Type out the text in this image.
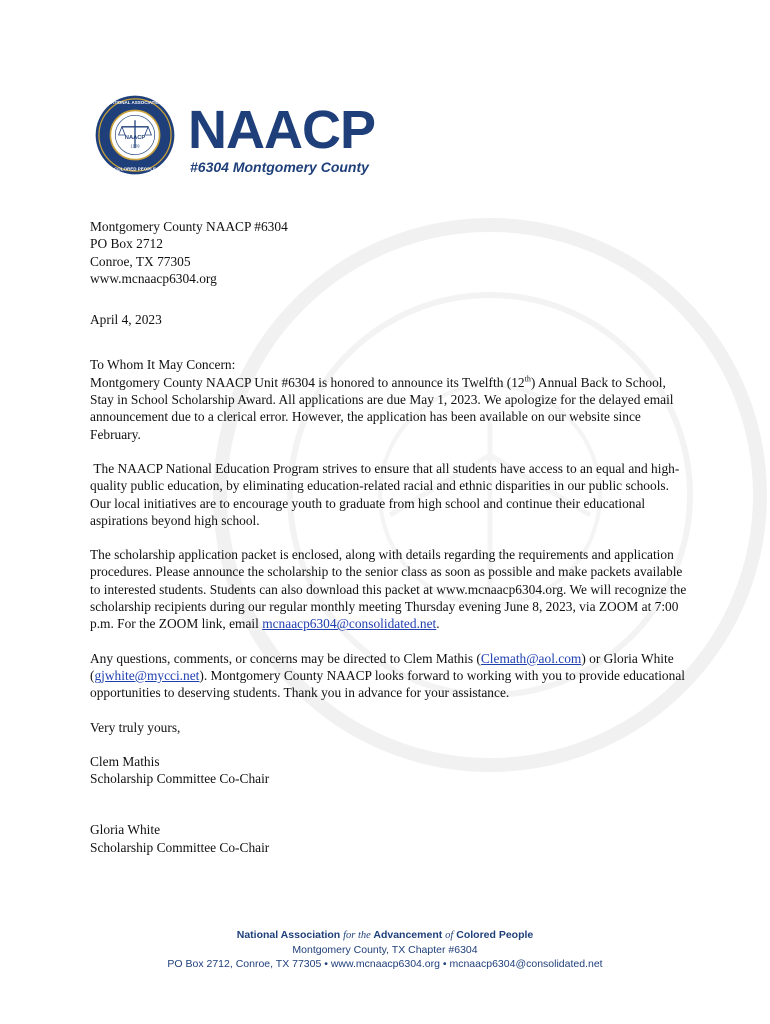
NAACP
1909
NATIONAL ASSOCIATION
COLORED PEOPLE
NAACP
#6304 Montgomery County

Montgomery County NAACP #6304

PO Box 2712

Conroe, TX 77305

www.mcnaacp6304.org

April 4, 2023

To Whom It May Concern:

Montgomery County NAACP Unit #6304 is honored to announce its Twelfth (12th) Annual Back to School, Stay in School Scholarship Award. All applications are due May 1, 2023. We apologize for the delayed email announcement due to a clerical error. However, the application has been available on our website since February.

The NAACP National Education Program strives to ensure that all students have access to an equal and high-quality public education, by eliminating education-related racial and ethnic disparities in our public schools.  Our local initiatives are to encourage youth to graduate from high school and continue their educational aspirations beyond high school.

The scholarship application packet is enclosed, along with details regarding the requirements and application procedures. Please announce the scholarship to the senior class as soon as possible and make packets available to interested students. Students can also download this packet at www.mcnaacp6304.org. We will recognize the scholarship recipients during our regular monthly meeting Thursday evening June 8, 2023, via ZOOM at 7:00 p.m. For the ZOOM link, email mcnaacp6304@consolidated.net.

Any questions, comments, or concerns may be directed to Clem Mathis (Clemath@aol.com) or Gloria White (gjwhite@mycci.net). Montgomery County NAACP looks forward to working with you to provide educational opportunities to deserving students. Thank you in advance for your assistance.

Very truly yours,

Clem Mathis

Scholarship Committee Co-Chair

Gloria White

Scholarship Committee Co-Chair

National Association for the Advancement of Colored People
Montgomery County, TX Chapter #6304
PO Box 2712, Conroe, TX 77305 • www.mcnaacp6304.org • mcnaacp6304@consolidated.net
